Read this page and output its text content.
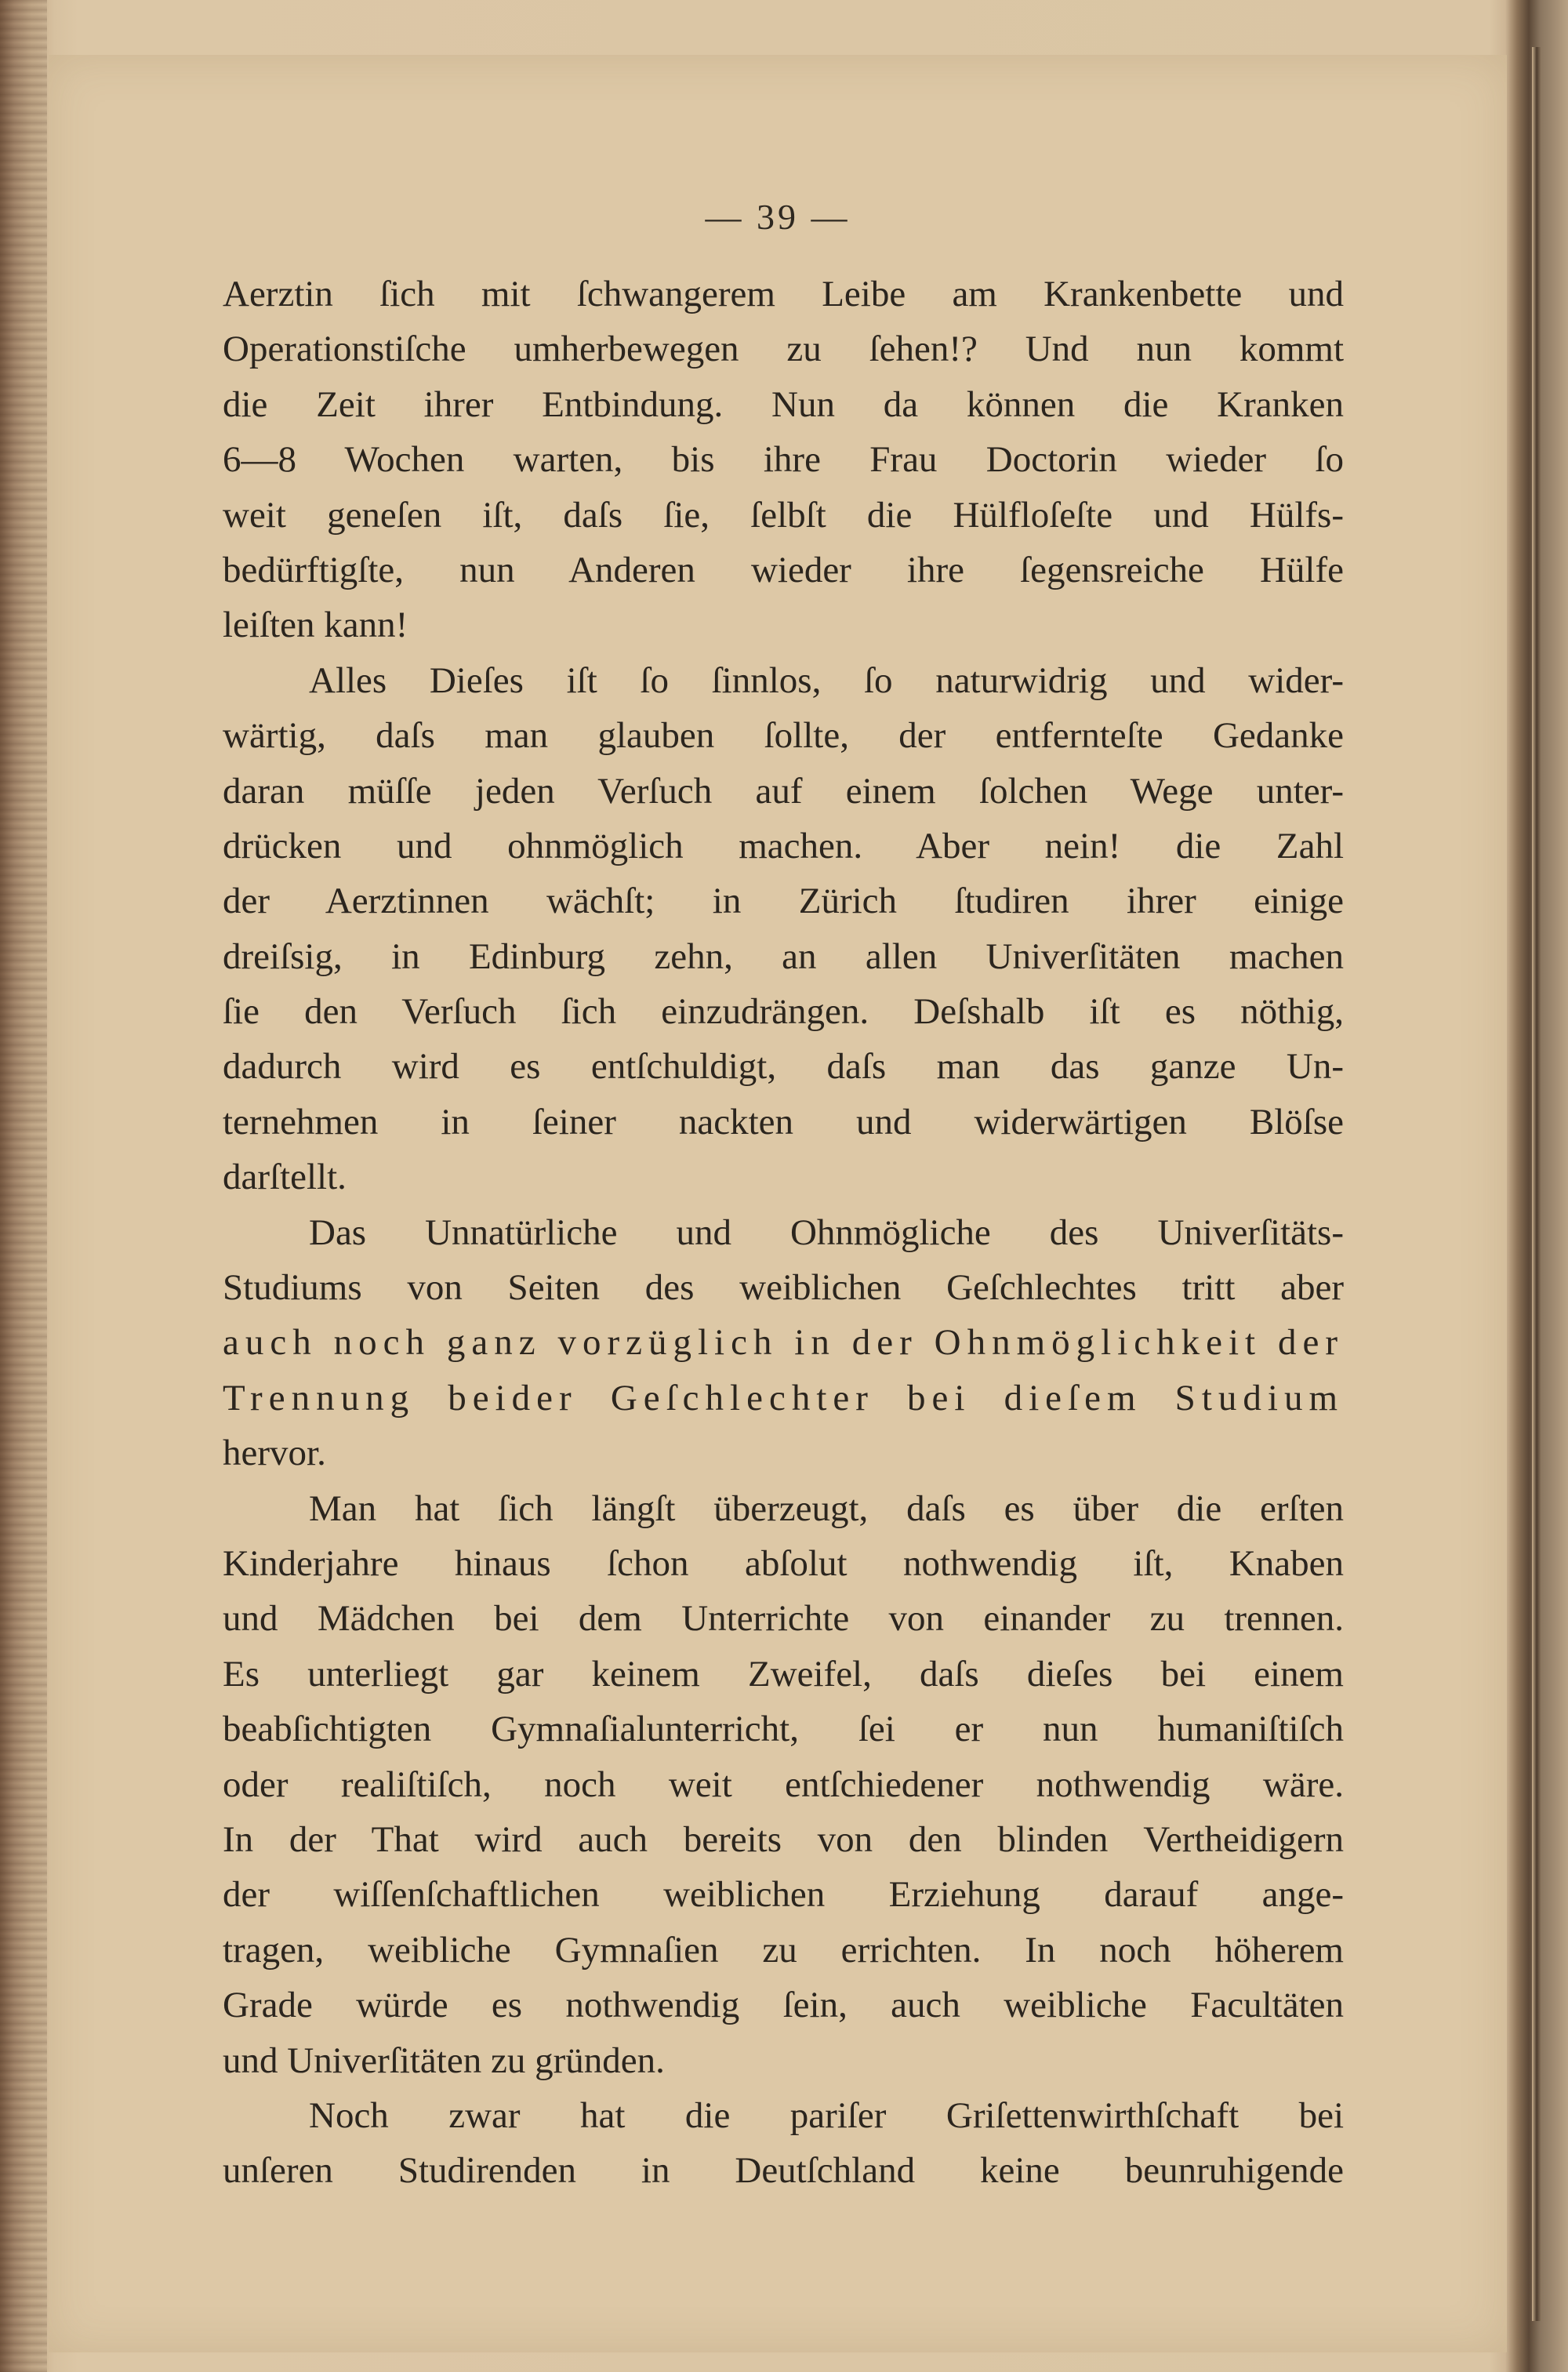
— 39 —
Aerztin ſich mit ſchwangerem Leibe am Krankenbette und
Operationstiſche umherbewegen zu ſehen!? Und nun kommt
die Zeit ihrer Entbindung. Nun da können die Kranken
6—8 Wochen warten, bis ihre Frau Doctorin wieder ſo
weit geneſen iſt, daſs ſie, ſelbſt die Hülfloſeſte und Hülfs-
bedürftigſte, nun Anderen wieder ihre ſegensreiche Hülfe
leiſten kann!
Alles Dieſes iſt ſo ſinnlos, ſo naturwidrig und wider-
wärtig, daſs man glauben ſollte, der entfernteſte Gedanke
daran müſſe jeden Verſuch auf einem ſolchen Wege unter-
drücken und ohnmöglich machen. Aber nein! die Zahl
der Aerztinnen wächſt; in Zürich ſtudiren ihrer einige
dreiſsig, in Edinburg zehn, an allen Univerſitäten machen
ſie den Verſuch ſich einzudrängen. Deſshalb iſt es nöthig,
dadurch wird es entſchuldigt, daſs man das ganze Un-
ternehmen in ſeiner nackten und widerwärtigen Blöſse
darſtellt.
Das Unnatürliche und Ohnmögliche des Univerſitäts-
Studiums von Seiten des weiblichen Geſchlechtes tritt aber
auch noch ganz vorzüglich in der Ohnmöglichkeit der
Trennung beider Geſchlechter bei dieſem Studium
hervor.
Man hat ſich längſt überzeugt, daſs es über die erſten
Kinderjahre hinaus ſchon abſolut nothwendig iſt, Knaben
und Mädchen bei dem Unterrichte von einander zu trennen.
Es unterliegt gar keinem Zweifel, daſs dieſes bei einem
beabſichtigten Gymnaſialunterricht, ſei er nun humaniſtiſch
oder realiſtiſch, noch weit entſchiedener nothwendig wäre.
In der That wird auch bereits von den blinden Vertheidigern
der wiſſenſchaftlichen weiblichen Erziehung darauf ange-
tragen, weibliche Gymnaſien zu errichten. In noch höherem
Grade würde es nothwendig ſein, auch weibliche Facultäten
und Univerſitäten zu gründen.
Noch zwar hat die pariſer Griſettenwirthſchaft bei
unſeren Studirenden in Deutſchland keine beunruhigende
